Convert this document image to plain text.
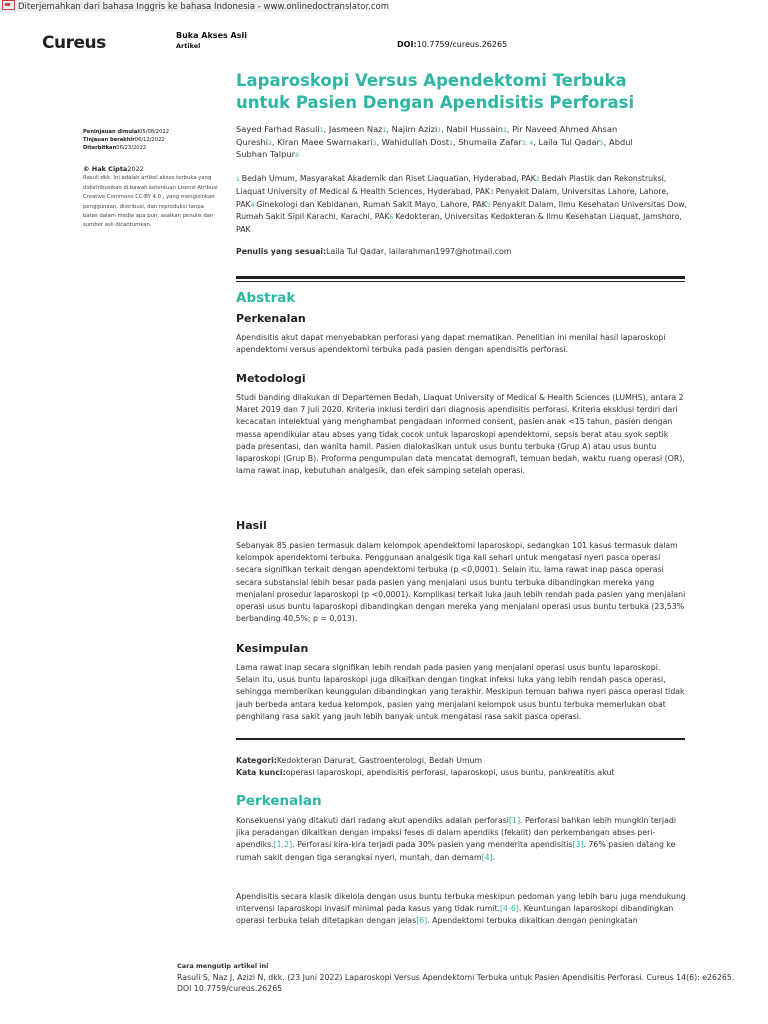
Diterjemahkan dari bahasa Inggris ke bahasa Indonesia - www.onlinedoctranslator.com
Cureus	Buka Akses Asli
Artikel	DOI:10.7759/cureus.26265
Laparoskopi Versus Apendektomi Terbuka untuk Pasien Dengan Apendisitis Perforasi
Peninjauan dimulai05/08/2022
Tinjauan berakhir06/12/2022
Diterbitkan06/23/2022
© Hak Cipta2022
Rasuli dkk. Ini adalah artikel akses terbuka yang didistribusikan di bawah ketentuan Lisensi Atribusi Creative Commons CC-BY 4.0., yang mengizinkan penggunaan, distribusi, dan reproduksi tanpa batas dalam media apa pun, asalkan penulis dan sumber asli dicantumkan.
Sayed Farhad Rasuli1, Jasmeen Naz1, Najim Azizi1, Nabil Hussain1, Pir Naveed Ahmed Ahsan Qureshi2, Kiran Maee Swarnakari3, Wahidullah Dost1, Shumaila Zafar3, 4, Laila Tul Qadar5, Abdul Subhan Talpur6
1 Bedah Umum, Masyarakat Akademik dan Riset Liaquatian, Hyderabad, PAK2 Bedah Plastik dan Rekonstruksi, Liaquat University of Medical & Health Sciences, Hyderabad, PAK3 Penyakit Dalam, Universitas Lahore, Lahore, PAK4 Ginekologi dan Kebidanan, Rumah Sakit Mayo, Lahore, PAK5 Penyakit Dalam, Ilmu Kesehatan Universitas Dow, Rumah Sakit Sipil Karachi, Karachi, PAK6 Kedokteran, Universitas Kedokteran & Ilmu Kesehatan Liaquat, Jamshoro, PAK
Penulis yang sesuai:Laila Tul Qadar, lailarahman1997@hotmail.com
Abstrak
Perkenalan
Apendisitis akut dapat menyebabkan perforasi yang dapat mematikan. Penelitian ini menilai hasil laparoskopi apendektomi versus apendektomi terbuka pada pasien dengan apendisitis perforasi.
Metodologi
Studi banding dilakukan di Departemen Bedah, Liaquat University of Medical & Health Sciences (LUMHS), antara 2 Maret 2019 dan 7 Juli 2020. Kriteria inklusi terdiri dari diagnosis apendisitis perforasi. Kriteria eksklusi terdiri dari kecacatan intelektual yang menghambat pengadaan informed consent, pasien anak <15 tahun, pasien dengan massa apendikular atau abses yang tidak cocok untuk laparoskopi apendektomi, sepsis berat atau syok septik pada presentasi, dan wanita hamil. Pasien dialokasikan untuk usus buntu terbuka (Grup A) atau usus buntu laparoskopi (Grup B). Proforma pengumpulan data mencatat demografi, temuan bedah, waktu ruang operasi (OR), lama rawat inap, kebutuhan analgesik, dan efek samping setelah operasi.
Hasil
Sebanyak 85 pasien termasuk dalam kelompok apendektomi laparoskopi, sedangkan 101 kasus termasuk dalam kelompok apendektomi terbuka. Penggunaan analgesik tiga kali sehari untuk mengatasi nyeri pasca operasi secara signifikan terkait dengan apendektomi terbuka (p <0,0001). Selain itu, lama rawat inap pasca operasi secara substansial lebih besar pada pasien yang menjalani usus buntu terbuka dibandingkan mereka yang menjalani prosedur laparoskopi (p <0,0001). Komplikasi terkait luka jauh lebih rendah pada pasien yang menjalani operasi usus buntu laparoskopi dibandingkan dengan mereka yang menjalani operasi usus buntu terbuka (23,53% berbanding 40,5%; p = 0,013).
Kesimpulan
Lama rawat inap secara signifikan lebih rendah pada pasien yang menjalani operasi usus buntu laparoskopi. Selain itu, usus buntu laparoskopi juga dikaitkan dengan tingkat infeksi luka yang lebih rendah pasca operasi, sehingga memberikan keunggulan dibandingkan yang terakhir. Meskipun temuan bahwa nyeri pasca operasi tidak jauh berbeda antara kedua kelompok, pasien yang menjalani kelompok usus buntu terbuka memerlukan obat penghilang rasa sakit yang jauh lebih banyak untuk mengatasi rasa sakit pasca operasi.
Kategori:Kedokteran Darurat, Gastroenterologi, Bedah Umum
Kata kunci:operasi laparoskopi, apendisitis perforasi, laparoskopi, usus buntu, pankreatitis akut
Perkenalan
Konsekuensi yang ditakuti dari radang akut apendiks adalah perforasi[1]. Perforasi bahkan lebih mungkin terjadi jika peradangan dikaitkan dengan impaksi feses di dalam apendiks (fekalit) dan perkembangan abses peri-apendiks.[1,2]. Perforasi kira-kira terjadi pada 30% pasien yang menderita apendisitis[3]. 76% pasien datang ke rumah sakit dengan tiga serangkai nyeri, muntah, dan demam[4].
Apendisitis secara klasik dikelola dengan usus buntu terbuka meskipun pedoman yang lebih baru juga mendukung intervensi laparoskopi invasif minimal pada kasus yang tidak rumit.[4-6]. Keuntungan laparoskopi dibandingkan operasi terbuka telah ditetapkan dengan jelas[6]. Apendektomi terbuka dikaitkan dengan peningkatan
Cara mengutip artikel ini
Rasuli S, Naz J, Azizi N, dkk. (23 Juni 2022) Laparoskopi Versus Apendektomi Terbuka untuk Pasien Apendisitis Perforasi. Cureus 14(6): e26265. DOI 10.7759/cureus.26265
